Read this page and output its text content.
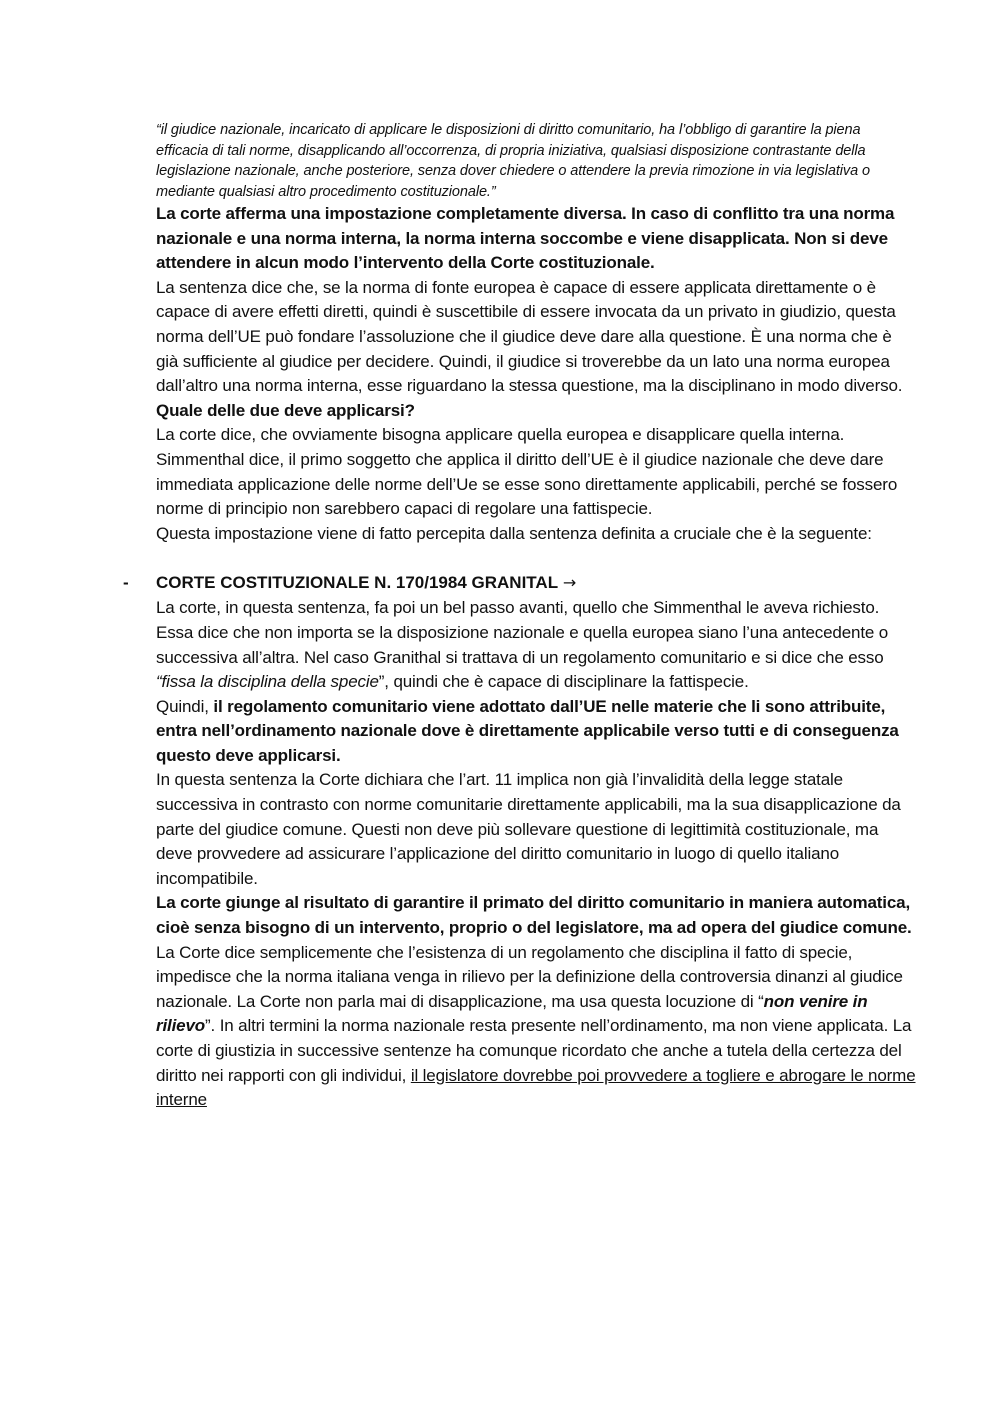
“il giudice nazionale, incaricato di applicare le disposizioni di diritto comunitario, ha l’obbligo di garantire la piena efficacia di tali norme, disapplicando all’occorrenza, di propria iniziativa, qualsiasi disposizione contrastante della legislazione nazionale, anche posteriore, senza dover chiedere o attendere la previa rimozione in via legislativa o mediante qualsiasi altro procedimento costituzionale.”

La corte afferma una impostazione completamente diversa. In caso di conflitto tra una norma nazionale e una norma interna, la norma interna soccombe e viene disapplicata. Non si deve attendere in alcun modo l’intervento della Corte costituzionale.

La sentenza dice che, se la norma di fonte europea è capace di essere applicata direttamente o è capace di avere effetti diretti, quindi è suscettibile di essere invocata da un privato in giudizio, questa norma dell’UE può fondare l’assoluzione che il giudice deve dare alla questione. È una norma che è già sufficiente al giudice per decidere. Quindi, il giudice si troverebbe da un lato una norma europea dall’altro una norma interna, esse riguardano la stessa questione, ma la disciplinano in modo diverso. Quale delle due deve applicarsi?

La corte dice, che ovviamente bisogna applicare quella europea e disapplicare quella interna.

Simmenthal dice, il primo soggetto che applica il diritto dell’UE è il giudice nazionale che deve dare immediata applicazione delle norme dell’Ue se esse sono direttamente applicabili, perché se fossero norme di principio non sarebbero capaci di regolare una fattispecie.

Questa impostazione viene di fatto percepita dalla sentenza definita a cruciale che è la seguente:

- CORTE COSTITUZIONALE N. 170/1984 GRANITAL →

La corte, in questa sentenza, fa poi un bel passo avanti, quello che Simmenthal le aveva richiesto.

Essa dice che non importa se la disposizione nazionale e quella europea siano l’una antecedente o successiva all’altra. Nel caso Granithal si trattava di un regolamento comunitario e si dice che esso “fissa la disciplina della specie”, quindi che è capace di disciplinare la fattispecie.

Quindi, il regolamento comunitario viene adottato dall’UE nelle materie che li sono attribuite, entra nell’ordinamento nazionale dove è direttamente applicabile verso tutti e di conseguenza questo deve applicarsi.

In questa sentenza la Corte dichiara che l’art. 11 implica non già l’invalidità della legge statale successiva in contrasto con norme comunitarie direttamente applicabili, ma la sua disapplicazione da parte del giudice comune. Questi non deve più sollevare questione di legittimità costituzionale, ma deve provvedere ad assicurare l’applicazione del diritto comunitario in luogo di quello italiano incompatibile.

La corte giunge al risultato di garantire il primato del diritto comunitario in maniera automatica, cioè senza bisogno di un intervento, proprio o del legislatore, ma ad opera del giudice comune.

La Corte dice semplicemente che l’esistenza di un regolamento che disciplina il fatto di specie, impedisce che la norma italiana venga in rilievo per la definizione della controversia dinanzi al giudice nazionale. La Corte non parla mai di disapplicazione, ma usa questa locuzione di “non venire in rilievo”. In altri termini la norma nazionale resta presente nell’ordinamento, ma non viene applicata. La corte di giustizia in successive sentenze ha comunque ricordato che anche a tutela della certezza del diritto nei rapporti con gli individui, il legislatore dovrebbe poi provvedere a togliere e abrogare le norme interne
